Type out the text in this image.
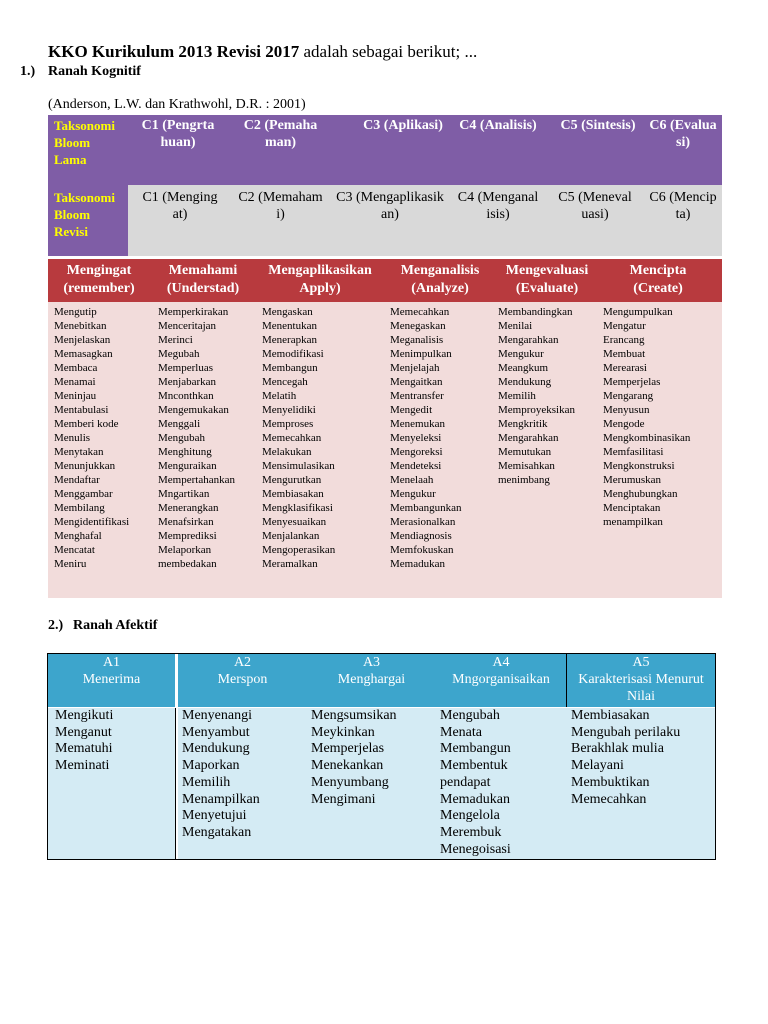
KKO Kurikulum 2013 Revisi 2017 adalah sebagai berikut; ...
1.) Ranah Kognitif
(Anderson, L.W. dan Krathwohl, D.R. : 2001)
Taksonomi Bloom Lama
Taksonomi Bloom Revisi
C1 (Pengrtahuan)
C2 (Pemahaman)
C3 (Aplikasi)	C4 (Analisis) C5 (Sintesis) C6 (Evaluasi)
C1 (Mengingat)
C2 (Memahami)
C3 (Mengaplikasikan)
C4 (Menganalisis)
C5 (Menevaluasi)
C6 (Mencipta)
Mengingat (remember)
Memahami (Understad)
Mengaplikasikan Apply)
Menganalisis (Analyze)
Mengevaluasi (Evaluate)
Mencipta (Create)
Mengutip
Menebitkan
Menjelaskan
Memasagkan
Membaca
Menamai
Meninjau
Mentabulasi
Memberi kode
Menulis
Menytakan
Menunjukkan
Mendaftar
Menggambar
Membilang
Mengidentifikasi
Menghafal
Mencatat
Meniru
Memperkirakan
Menceritajan
Merinci
Megubah
Memperluas
Menjabarkan
Mnconthkan
Mengemukakan
Menggali
Mengubah
Menghitung
Menguraikan
Mempertahankan
Mngartikan
Menerangkan
Menafsirkan
Memprediksi
Melaporkan
membedakan
Mengaskan
Menentukan
Menerapkan
Memodifikasi
Membangun
Mencegah
Melatih
Menyelidiki
Memproses
Memecahkan
Melakukan
Mensimulasikan
Mengurutkan
Membiasakan
Mengklasifikasi
Menyesuaikan
Menjalankan
Mengoperasikan
Meramalkan
Memecahkan
Menegaskan
Meganalisis
Menimpulkan
Menjelajah
Mengaitkan
Mentransfer
Mengedit
Menemukan
Menyeleksi
Mengoreksi
Mendeteksi
Menelaah
Mengukur
Membangunkan
Merasionalkan
Mendiagnosis
Memfokuskan
Memadukan
Membandingkan
Menilai
Mengarahkan
Mengukur
Meangkum
Mendukung
Memilih
Memproyeksikan
Mengkritik
Mengarahkan
Memutukan
Memisahkan
menimbang
Mengumpulkan
Mengatur
Erancang
Membuat
Merearasi
Memperjelas
Mengarang
Menyusun
Mengode
Mengkombinasikan
Memfasilitasi
Mengkonstruksi
Merumuskan
Menghubungkan
Menciptakan
menampilkan
2.) Ranah Afektif
A1
Menerima
A2
Merspon
A3
Menghargai
A4
Mngorganisaikan
A5
Karakterisasi Menurut Nilai
Mengikuti
Menganut
Mematuhi
Meminati
Menyenangi
Menyambut
Mendukung
Maporkan
Memilih
Menampilkan
Menyetujui
Mengatakan
Mengsumsikan
Meykinkan
Memperjelas
Menekankan
Menyumbang
Mengimani
Mengubah
Menata
Membangun
Membentuk
pendapat
Memadukan
Mengelola
Merembuk
Menegoisasi
Membiasakan
Mengubah perilaku
Berakhlak mulia
Melayani
Membuktikan
Memecahkan
